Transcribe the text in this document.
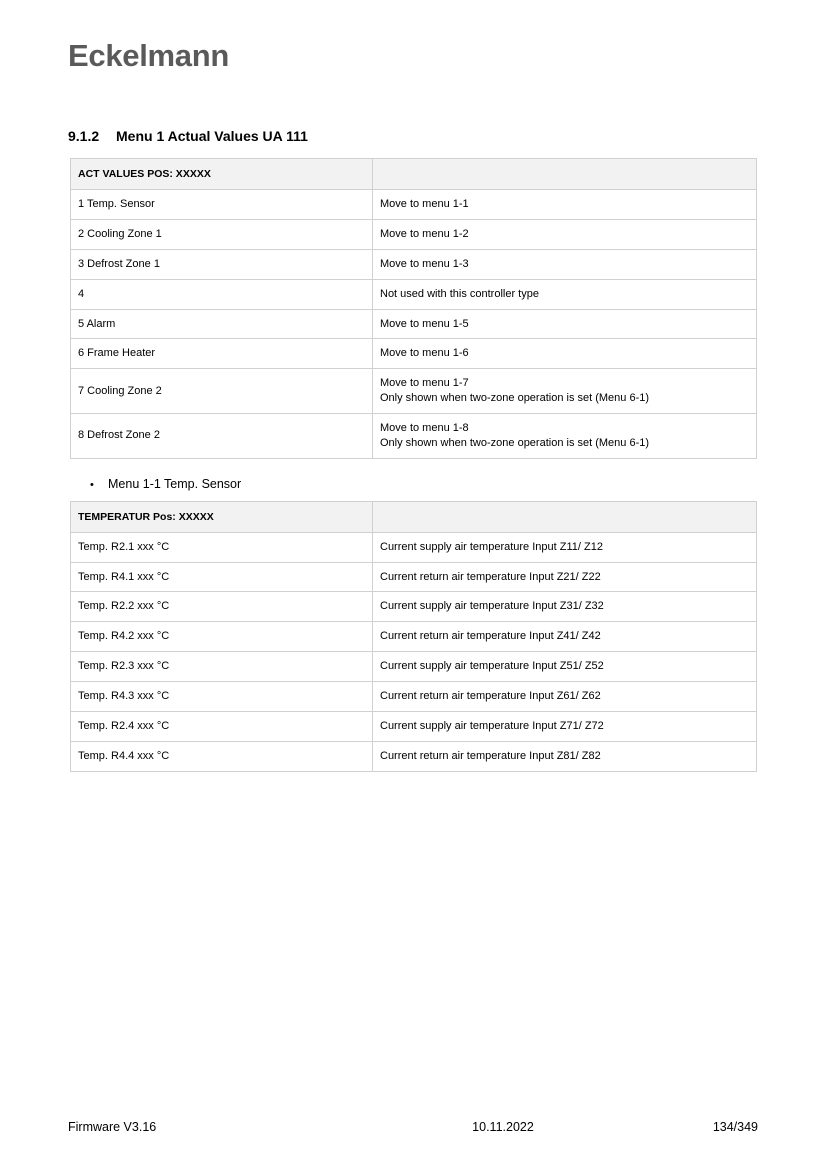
Eckelmann
9.1.2	Menu 1 Actual Values UA 111
ACT VALUES POS: XXXXX	
1 Temp. Sensor	Move to menu 1-1

2 Cooling Zone 1	Move to menu 1-2

3 Defrost Zone 1	Move to menu 1-3

4	Not used with this controller type

5 Alarm	Move to menu 1-5

6 Frame Heater	Move to menu 1-6

7 Cooling Zone 2	Move to menu 1-7
Only shown when two-zone operation is set (Menu 6-1)

8 Defrost Zone 2	Move to menu 1-8
Only shown when two-zone operation is set (Menu 6-1)
•	Menu 1-1 Temp. Sensor
TEMPERATUR Pos: XXXXX	
Temp. R2.1 xxx °C	Current supply air temperature Input Z11/ Z12
Temp. R4.1 xxx °C	Current return air temperature Input Z21/ Z22
Temp. R2.2 xxx °C	Current supply air temperature Input Z31/ Z32
Temp. R4.2 xxx °C	Current return air temperature Input Z41/ Z42
Temp. R2.3 xxx °C	Current supply air temperature Input Z51/ Z52
Temp. R4.3 xxx °C	Current return air temperature Input Z61/ Z62
Temp. R2.4 xxx °C	Current supply air temperature Input Z71/ Z72
Temp. R4.4 xxx °C	Current return air temperature Input Z81/ Z82
Firmware V3.16	10.11.2022	134/349
